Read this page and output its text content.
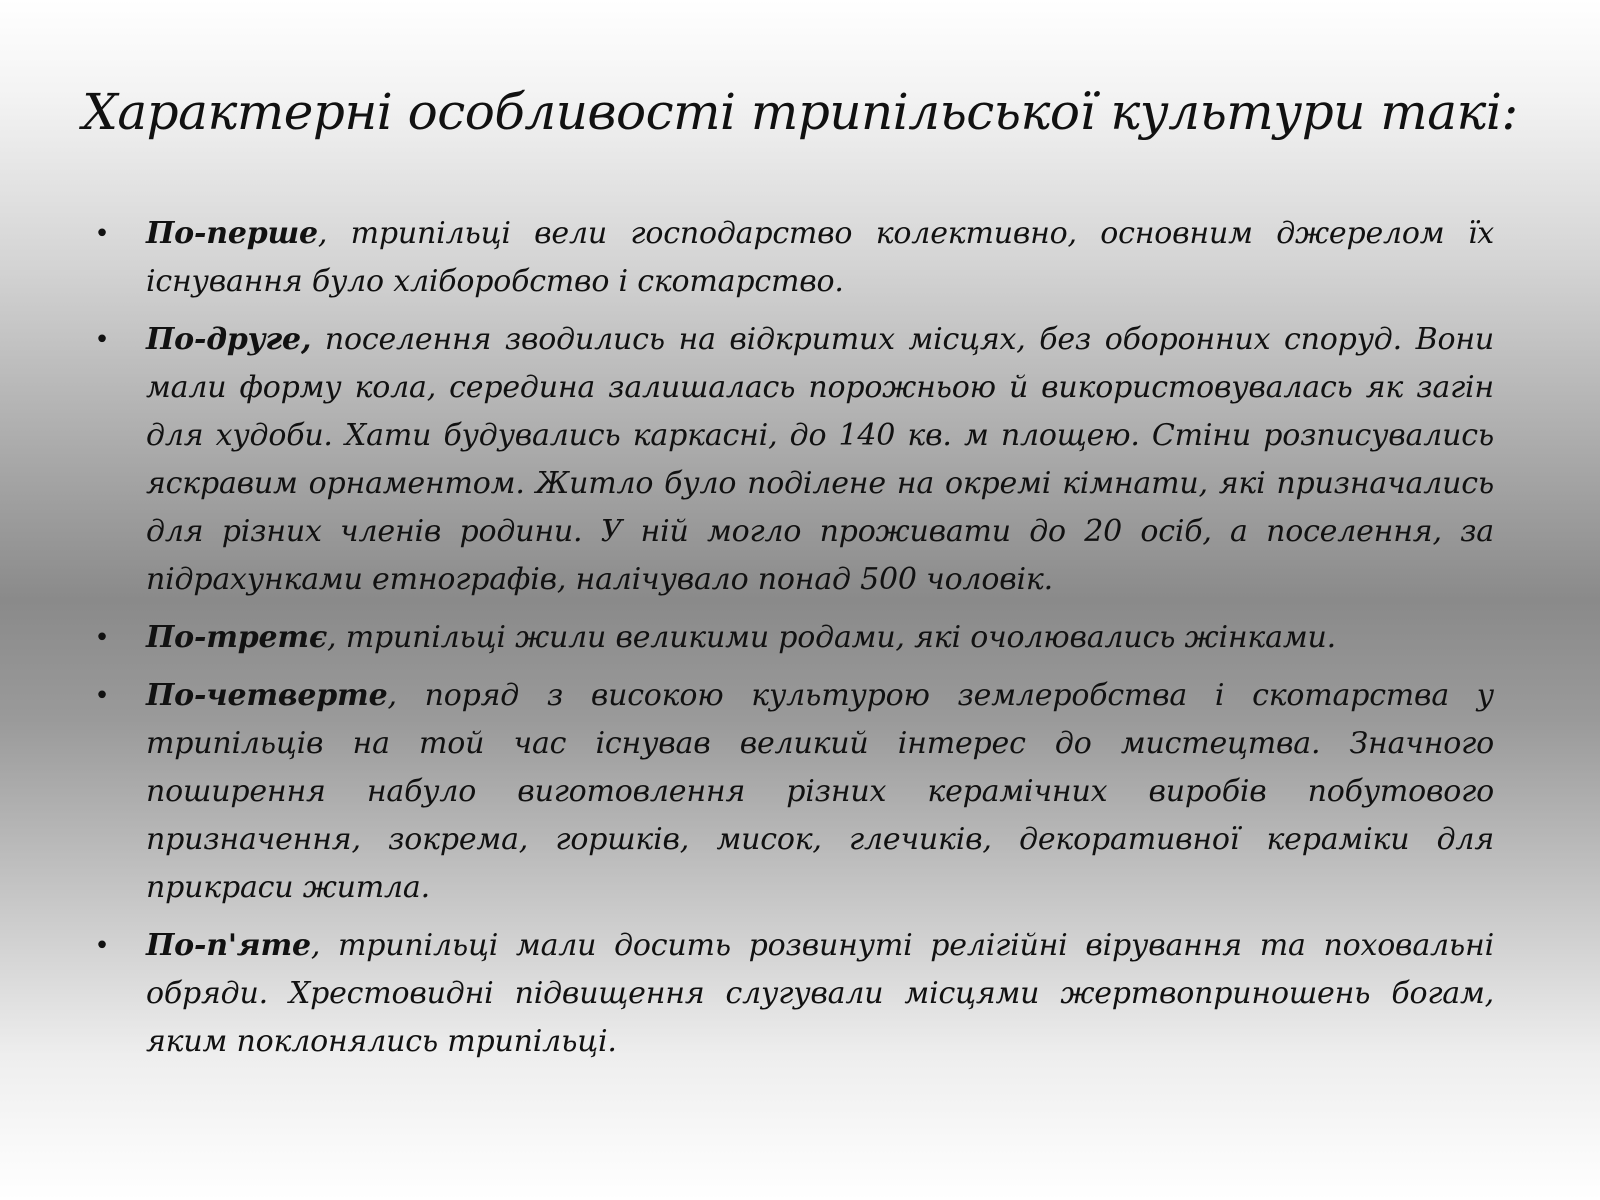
Характерні особливості трипільської культури такі:
• По-перше, трипільці вели господарство колективно, основним джерелом їх існування було хліборобство і скотарство.
• По-друге, поселення зводились на відкритих місцях, без оборонних споруд. Вони мали форму кола, середина залишалась порожньою й використовувалась як загін для худоби. Хати будувались каркасні, до 140 кв. м площею. Стіни розписувались яскравим орнаментом. Житло було поділене на окремі кімнати, які призначались для різних членів родини. У ній могло проживати до 20 осіб, а поселення, за підрахунками етнографів, налічувало понад 500 чоловік.
• По-третє, трипільці жили великими родами, які очолювались жінками.
• По-четверте, поряд з високою культурою землеробства і скотарства у трипільців на той час існував великий інтерес до мистецтва. Значного поширення набуло виготовлення різних керамічних виробів побутового призначення, зокрема, горшків, мисок, глечиків, декоративної кераміки для прикраси житла.
• По-п'яте, трипільці мали досить розвинуті релігійні вірування та поховальні обряди. Хрестовидні підвищення слугували місцями жертвоприношень богам, яким поклонялись трипільці.
